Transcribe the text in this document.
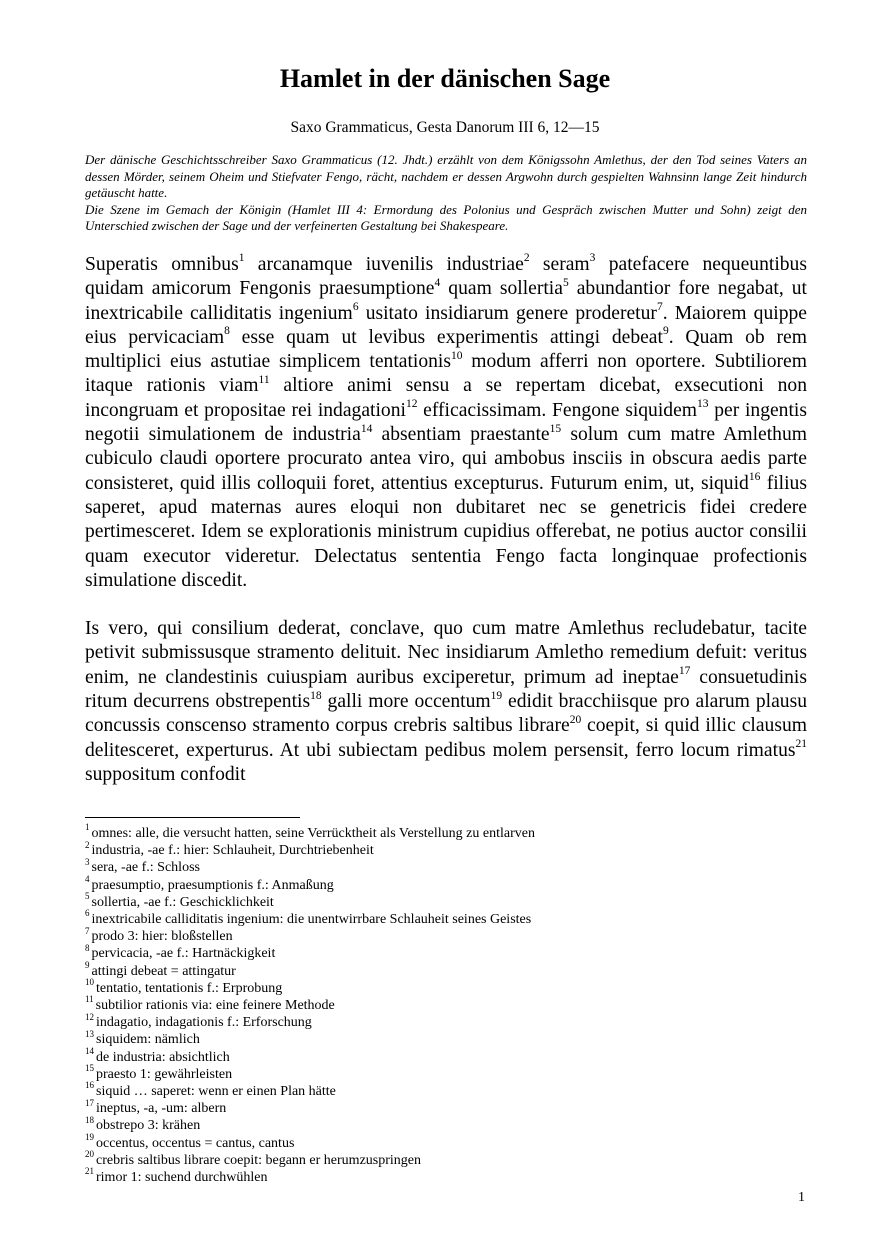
Hamlet in der dänischen Sage
Saxo Grammaticus, Gesta Danorum III 6, 12—15

Der dänische Geschichtsschreiber Saxo Grammaticus (12. Jhdt.) erzählt von dem Königssohn Amlethus, der den Tod seines Vaters an dessen Mörder, seinem Oheim und Stiefvater Fengo, rächt, nachdem er dessen Argwohn durch gespielten Wahnsinn lange Zeit hindurch getäuscht hatte.

Die Szene im Gemach der Königin (Hamlet III 4: Ermordung des Polonius und Gespräch zwischen Mutter und Sohn) zeigt den Unterschied zwischen der Sage und der verfeinerten Gestaltung bei Shakespeare.

Superatis omnibus$^1$ arcanamque iuvenilis industriae$^2$ seram$^3$ patefacere nequeuntibus quidam amicorum Fengonis praesumptione$^4$ quam sollertia$^5$ abundantior fore negabat, ut inextricabile calliditatis ingenium$^6$ usitato insidiarum genere proderetur$^7$. Maiorem quippe eius pervicaciam$^8$ esse quam ut levibus experimentis attingi debeat$^9$. Quam ob rem multiplici eius astutiae simplicem tentationis$^{10}$ modum afferri non oportere. Subtiliorem itaque rationis viam$^{11}$ altiore animi sensu a se repertam dicebat, exsecutioni non incongruam et propositae rei indagationi$^{12}$ efficacissimam. Fengone siquidem$^{13}$ per ingentis negotii simulationem de industria$^{14}$ absentiam praestante$^{15}$ solum cum matre Amlethum cubiculo claudi oportere procurato antea viro, qui ambobus insciis in obscura aedis parte consisteret, quid illis colloquii foret, attentius excepturus. Futurum enim, ut, siquid$^{16}$ filius saperet, apud maternas aures eloqui non dubitaret nec se genetricis fidei credere pertimesceret. Idem se explorationis ministrum cupidius offerebat, ne potius auctor consilii quam executor videretur. Delectatus sententia Fengo facta longinquae profectionis simulatione discedit.

Is vero, qui consilium dederat, conclave, quo cum matre Amlethus recludebatur, tacite petivit submissusque stramento delituit. Nec insidiarum Amletho remedium defuit: veritus enim, ne clandestinis cuiuspiam auribus exciperetur, primum ad ineptae$^{17}$ consuetudinis ritum decurrens obstrepentis$^{18}$ galli more occentum$^{19}$ edidit bracchiisque pro alarum plausu concussis conscenso stramento corpus crebris saltibus librare$^{20}$ coepit, si quid illic clausum delitesceret, experturus. At ubi subiectam pedibus molem persensit, ferro locum rimatus$^{21}$ suppositum confodit

$^1$ omnes: alle, die versucht hatten, seine Verrücktheit als Verstellung zu entlarven
$^2$ industria, -ae f.: hier: Schlauheit, Durchtriebenheit
$^3$ sera, -ae f.: Schloss
$^4$ praesumptio, praesumptionis f.: Anmaßung
$^5$ sollertia, -ae f.: Geschicklichkeit
$^6$ inextricabile calliditatis ingenium: die unentwirrbare Schlauheit seines Geistes
$^7$ prodo 3: hier: bloßstellen
$^8$ pervicacia, -ae f.: Hartnäckigkeit
$^9$ attingi debeat = attingatur
$^{10}$ tentatio, tentationis f.: Erprobung
$^{11}$ subtilior rationis via: eine feinere Methode
$^{12}$ indagatio, indagationis f.: Erforschung
$^{13}$ siquidem: nämlich
$^{14}$ de industria: absichtlich
$^{15}$ praesto 1: gewährleisten
$^{16}$ siquid … saperet: wenn er einen Plan hätte
$^{17}$ ineptus, -a, -um: albern
$^{18}$ obstrepo 3: krähen
$^{19}$ occentus, occentus = cantus, cantus
$^{20}$ crebris saltibus librare coepit: begann er herumzuspringen
$^{21}$ rimor 1: suchend durchwühlen
1
